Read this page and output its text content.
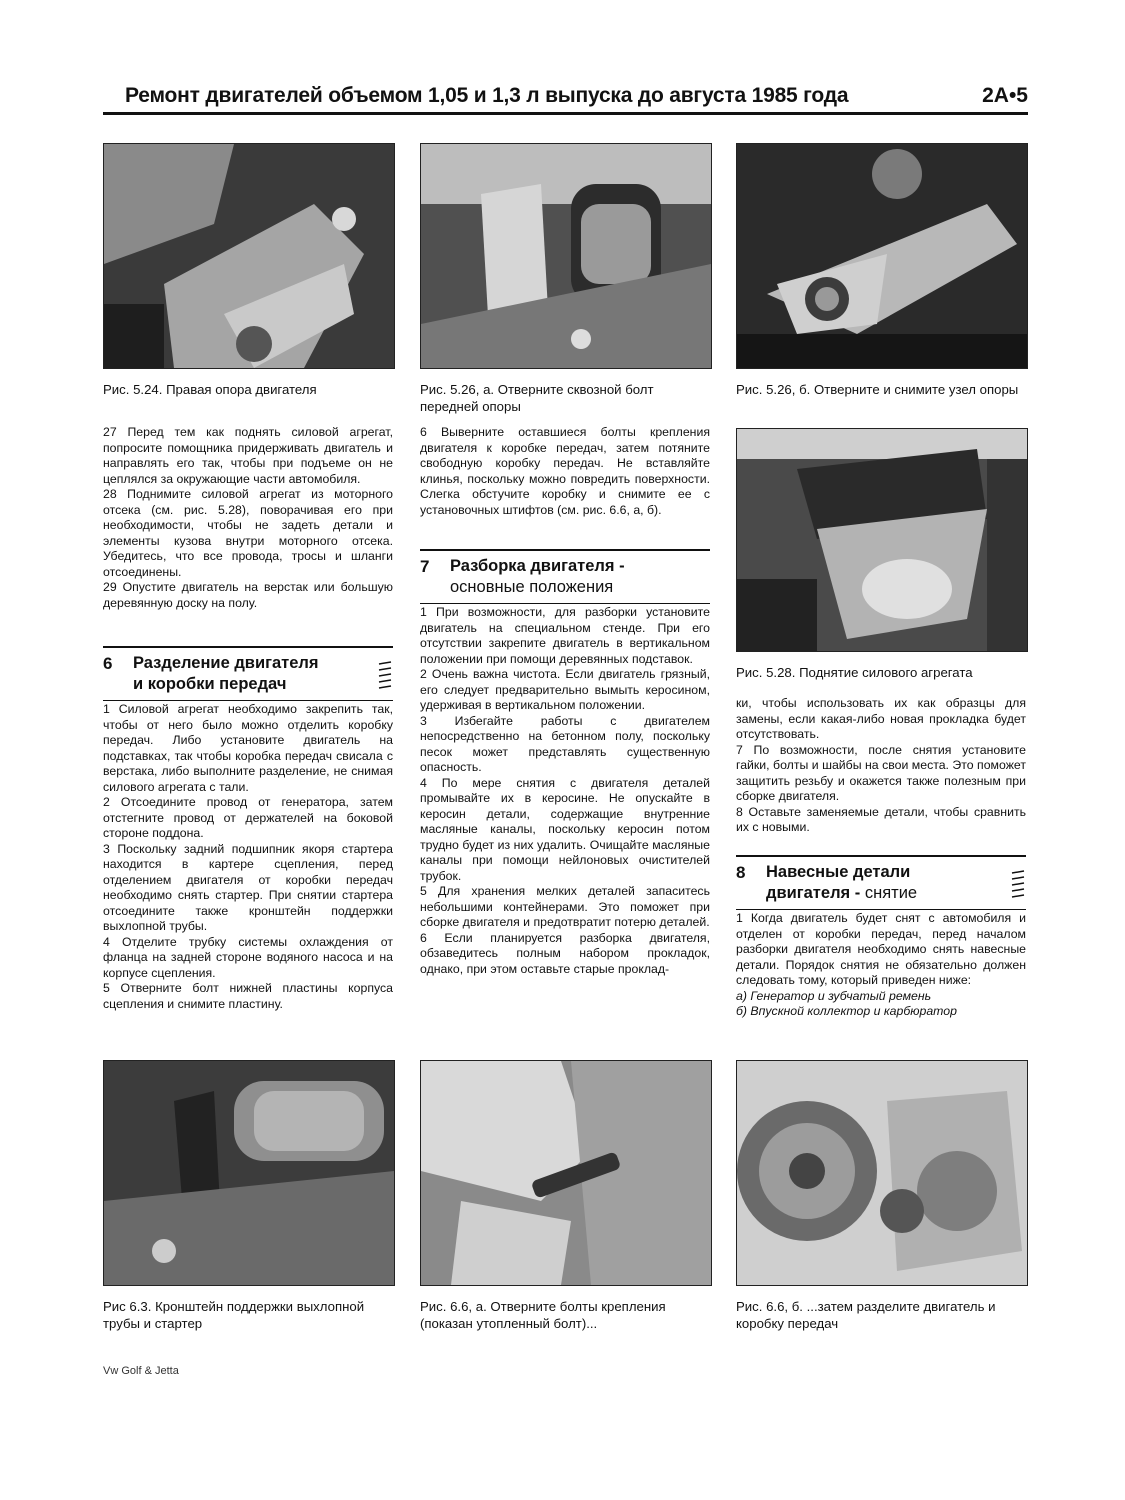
Ремонт двигателей объемом 1,05 и 1,3 л выпуска до августа 1985 года	2A•5
Рис. 5.24. Правая опора двигателя	Рис. 5.26, а. Отверните сквозной болт передней опоры
Рис. 5.26, б. Отверните и снимите узел опоры

27 Перед тем как поднять силовой агрегат, попросите помощника придерживать двигатель и направлять его так, чтобы при подъеме он не цеплялся за окружающие части автомобиля.

28 Поднимите силовой агрегат из моторного отсека (см. рис. 5.28), поворачивая его при необходимости, чтобы не задеть детали и элементы кузова внутри моторного отсека. Убедитесь, что все провода, тросы и шланги отсоединены.

29 Опустите двигатель на верстак или большую деревянную доску на полу.

6 Разделение двигателя
и коробки передач

1 Силовой агрегат необходимо закрепить так, чтобы от него было можно отделить коробку передач. Либо установите двигатель на подставках, так чтобы коробка передач свисала с верстака, либо выполните разделение, не снимая силового агрегата с тали.

2 Отсоедините провод от генератора, затем отстегните провод от держателей на боковой стороне поддона.

3 Поскольку задний подшипник якоря стартера находится в картере сцепления, перед отделением двигателя от коробки передач необходимо снять стартер. При снятии стартера отсоедините также кронштейн поддержки выхлопной трубы.

4 Отделите трубку системы охлаждения от фланца на задней стороне водяного насоса и на корпусе сцепления.

5 Отверните болт нижней пластины корпуса сцепления и снимите пластину.

6 Выверните оставшиеся болты крепления двигателя к коробке передач, затем потяните свободную коробку передач. Не вставляйте клинья, поскольку можно повредить поверхности. Слегка обстучите коробку и снимите ее с установочных штифтов (см. рис. 6.6, а, б).

7 Разборка двигателя -
основные положения

1 При возможности, для разборки установите двигатель на специальном стенде. При его отсутствии закрепите двигатель в вертикальном положении при помощи деревянных подставок.

2 Очень важна чистота. Если двигатель грязный, его следует предварительно вымыть керосином, удерживая в вертикальном положении.

3 Избегайте работы с двигателем непосредственно на бетонном полу, поскольку песок может представлять существенную опасность.

4 По мере снятия с двигателя деталей промывайте их в керосине. Не опускайте в керосин детали, содержащие внутренние масляные каналы, поскольку керосин потом трудно будет из них удалить. Очищайте масляные каналы при помощи нейлоновых очистителей трубок.

5 Для хранения мелких деталей запаситесь небольшими контейнерами. Это поможет при сборке двигателя и предотвратит потерю деталей.

6 Если планируется разборка двигателя, обзаведитесь полным набором прокладок, однако, при этом оставьте старые проклад-

Рис. 5.28. Поднятие силового агрегата

ки, чтобы использовать их как образцы для замены, если какая-либо новая прокладка будет отсутствовать.

7 По возможности, после снятия установите гайки, болты и шайбы на свои места. Это поможет защитить резьбу и окажется также полезным при сборке двигателя.

8 Оставьте заменяемые детали, чтобы сравнить их с новыми.

8 Навесные детали
двигателя - снятие

1 Когда двигатель будет снят с автомобиля и отделен от коробки передач, перед началом разборки двигателя необходимо снять навесные детали. Порядок снятия не обязательно должен следовать тому, который приведен ниже:

а) Генератор и зубчатый ремень

б) Впускной коллектор и карбюратор

Рис 6.3. Кронштейн поддержки выхлопной трубы и стартер
Рис. 6.6, а. Отверните болты крепления (показан утопленный болт)...
Рис. 6.6, б. ...затем разделите двигатель и коробку передач
Vw Golf & Jetta
